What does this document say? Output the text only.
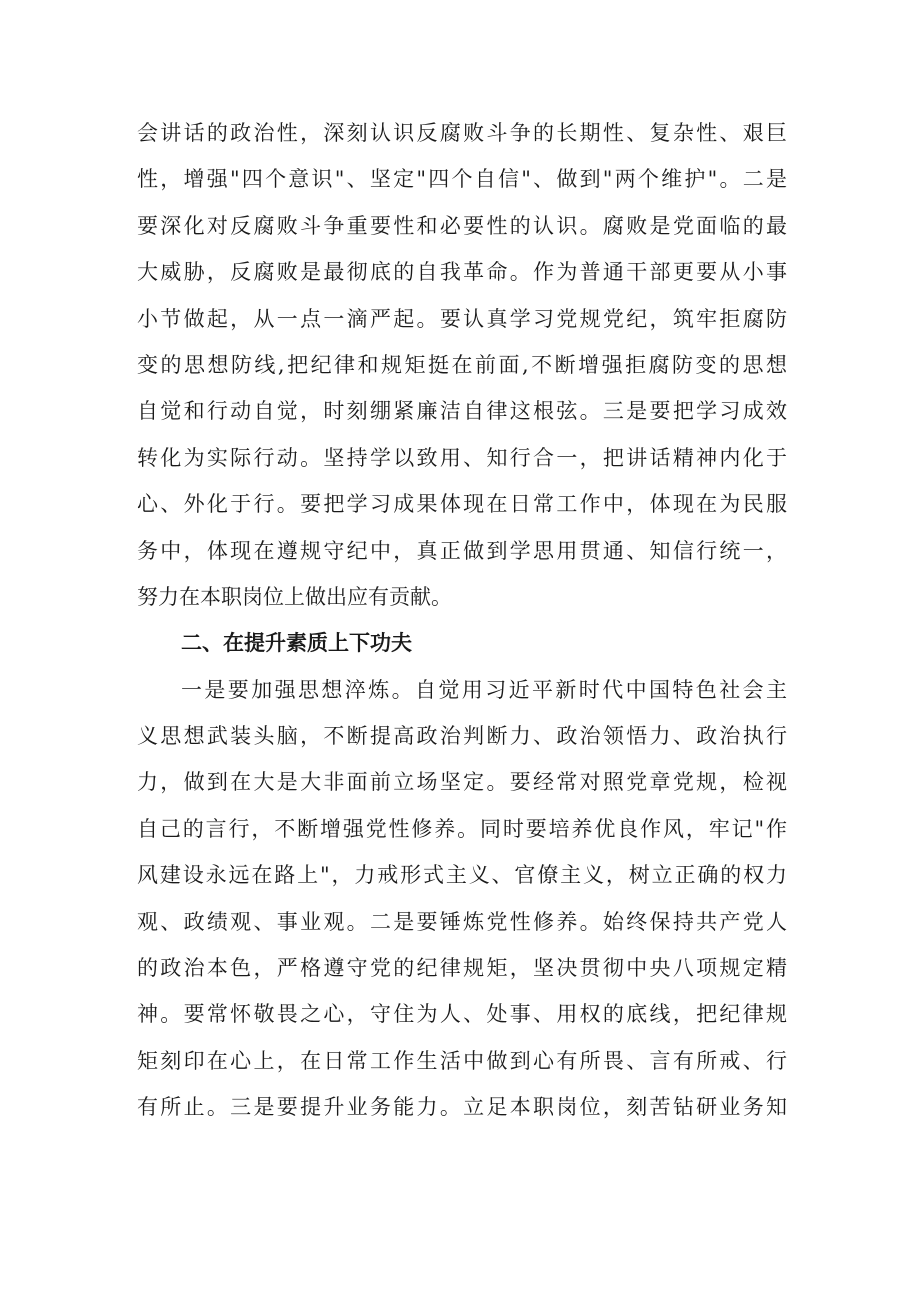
会讲话的政治性，深刻认识反腐败斗争的长期性、复杂性、艰巨
性，增强"四个意识"、坚定"四个自信"、做到"两个维护"。二是
要深化对反腐败斗争重要性和必要性的认识。腐败是党面临的最
大威胁，反腐败是最彻底的自我革命。作为普通干部更要从小事
小节做起，从一点一滴严起。要认真学习党规党纪，筑牢拒腐防
变的思想防线,把纪律和规矩挺在前面,不断增强拒腐防变的思想
自觉和行动自觉，时刻绷紧廉洁自律这根弦。三是要把学习成效
转化为实际行动。坚持学以致用、知行合一，把讲话精神内化于
心、外化于行。要把学习成果体现在日常工作中，体现在为民服
务中，体现在遵规守纪中，真正做到学思用贯通、知信行统一，
努力在本职岗位上做出应有贡献。
二、在提升素质上下功夫
一是要加强思想淬炼。自觉用习近平新时代中国特色社会主
义思想武装头脑，不断提高政治判断力、政治领悟力、政治执行
力，做到在大是大非面前立场坚定。要经常对照党章党规，检视
自己的言行，不断增强党性修养。同时要培养优良作风，牢记"作
风建设永远在路上"，力戒形式主义、官僚主义，树立正确的权力
观、政绩观、事业观。二是要锤炼党性修养。始终保持共产党人
的政治本色，严格遵守党的纪律规矩，坚决贯彻中央八项规定精
神。要常怀敬畏之心，守住为人、处事、用权的底线，把纪律规
矩刻印在心上，在日常工作生活中做到心有所畏、言有所戒、行
有所止。三是要提升业务能力。立足本职岗位，刻苦钻研业务知
